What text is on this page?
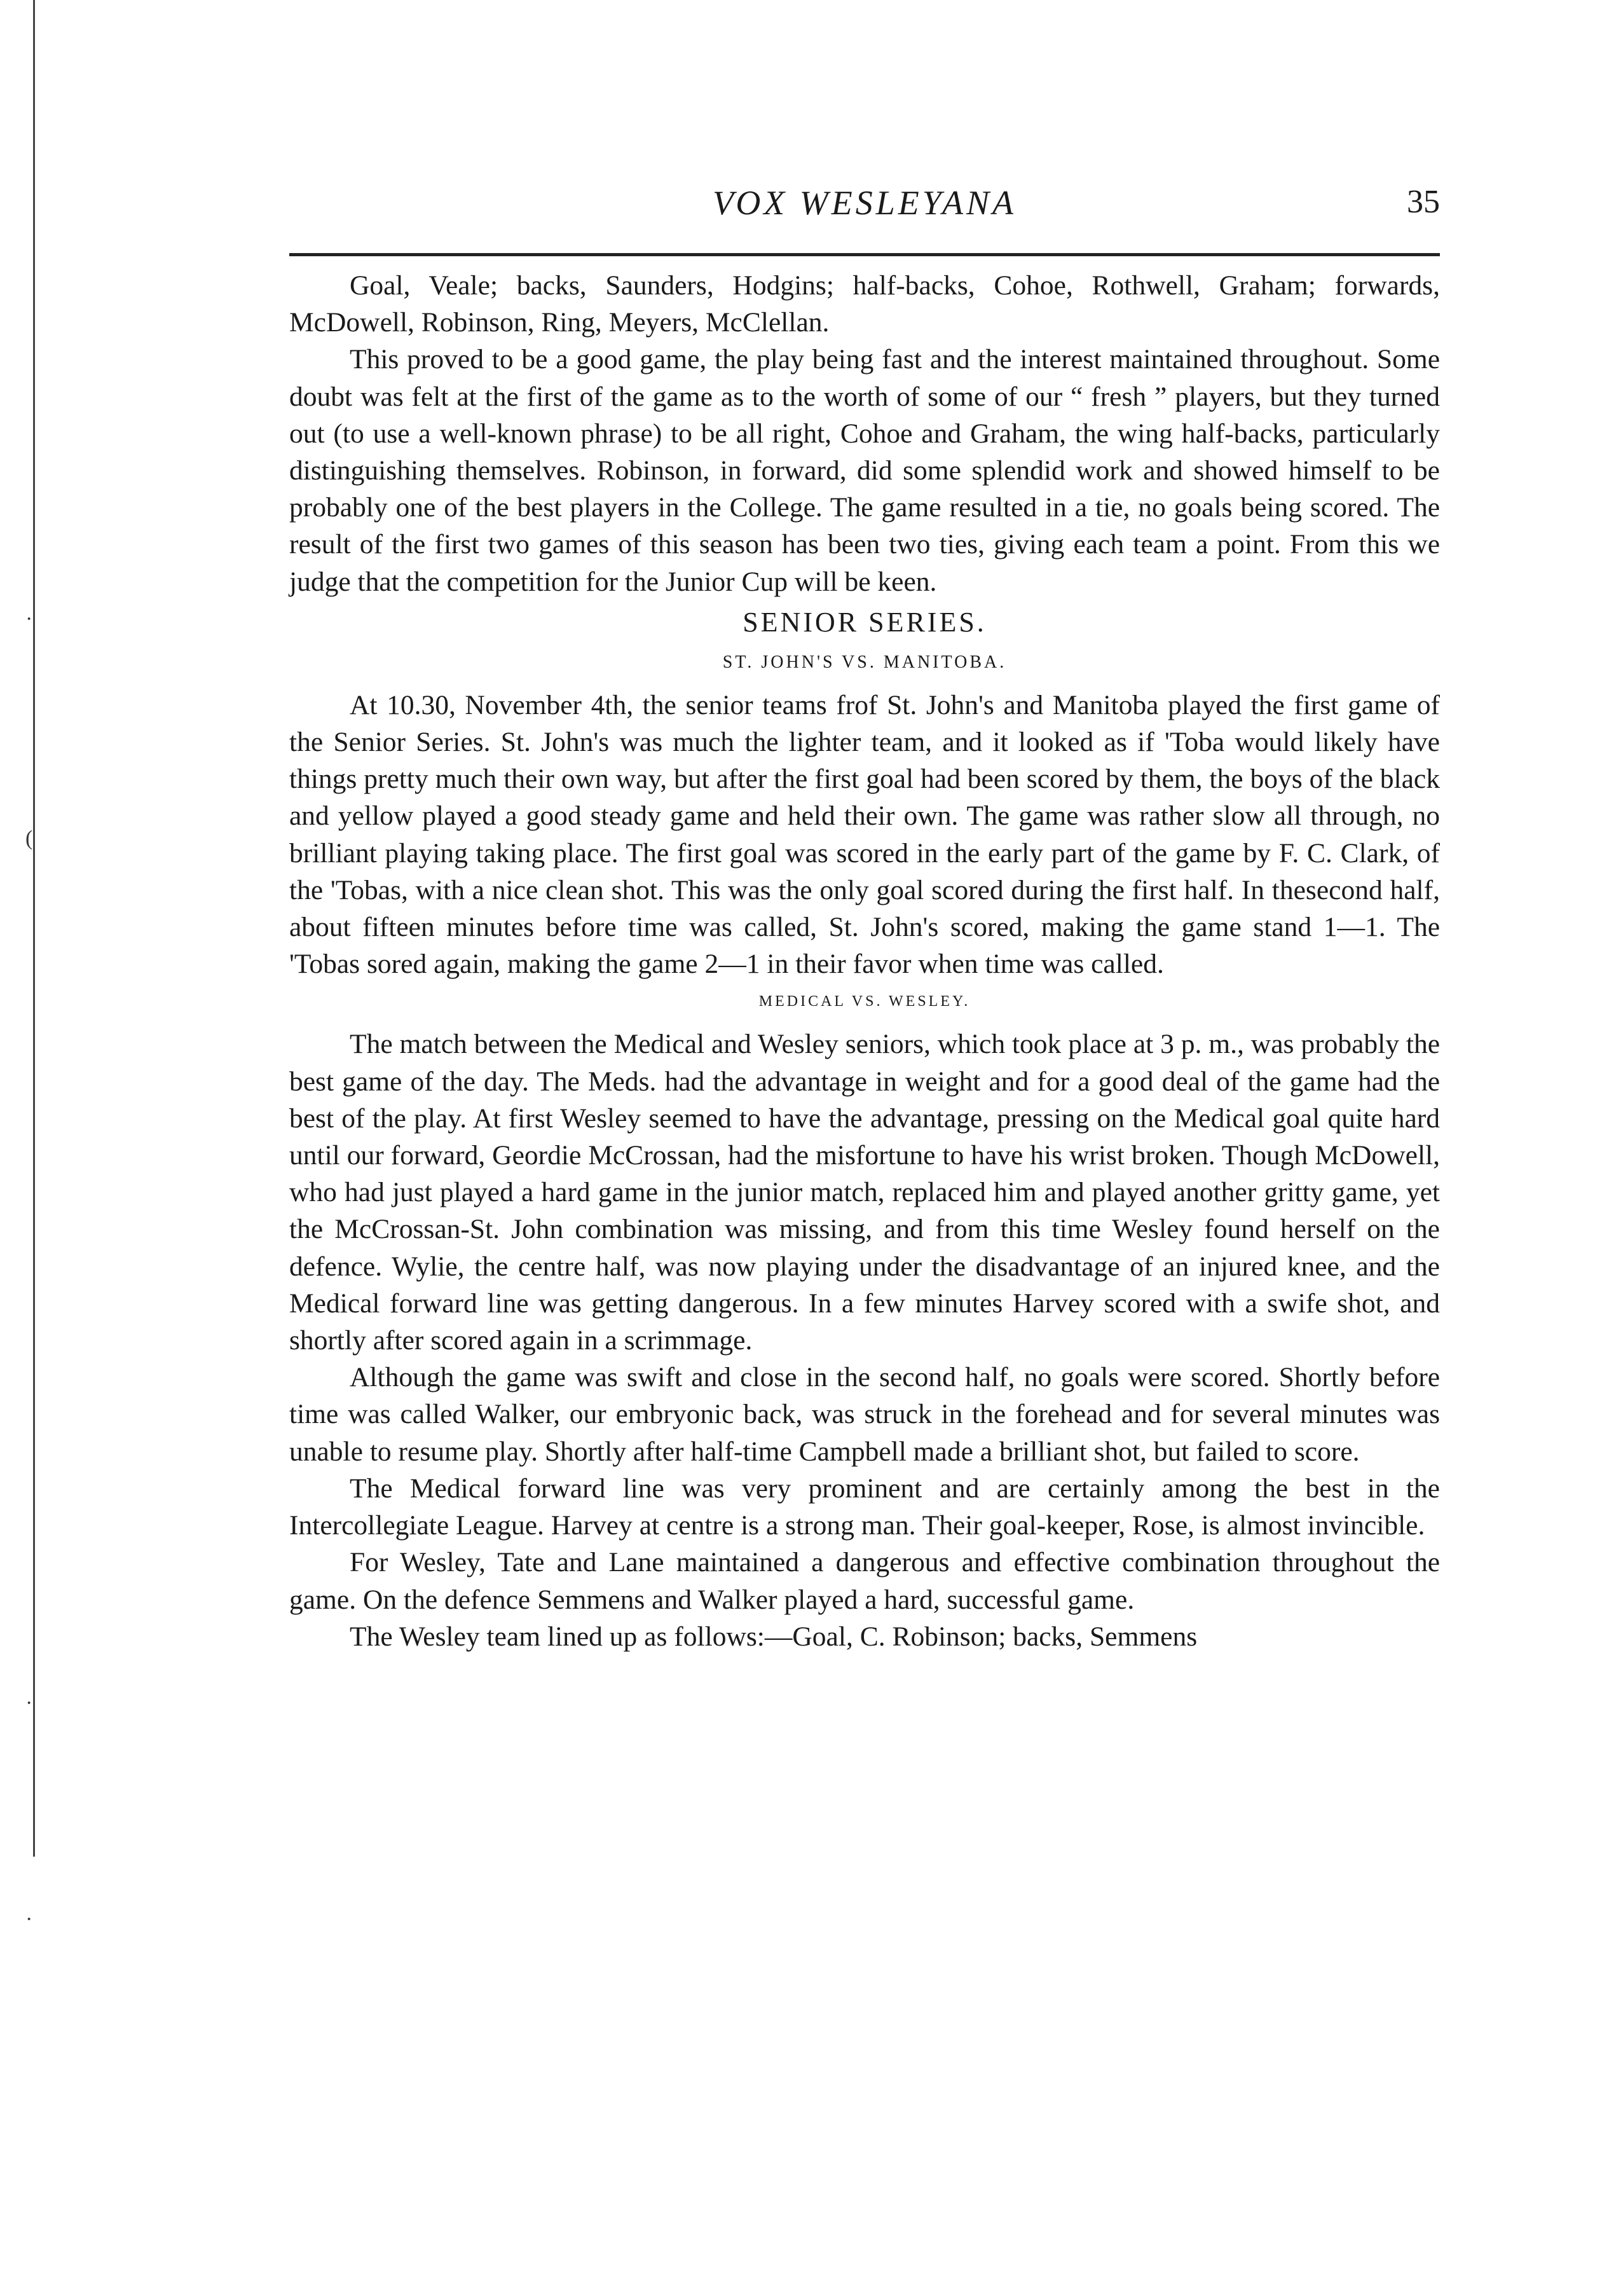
·
(
·
·
VOX WESLEYANA	35

Goal, Veale; backs, Saunders, Hodgins; half-backs, Cohoe, Rothwell, Graham; forwards, McDowell, Robinson, Ring, Meyers, McClellan.

This proved to be a good game, the play being fast and the interest maintained throughout. Some doubt was felt at the first of the game as to the worth of some of our “ fresh ” players, but they turned out (to use a well-known phrase) to be all right, Cohoe and Graham, the wing half-backs, particularly distinguishing themselves. Robinson, in forward, did some splendid work and showed himself to be probably one of the best players in the College. The game resulted in a tie, no goals being scored. The result of the first two games of this season has been two ties, giving each team a point. From this we judge that the competition for the Junior Cup will be keen.

SENIOR SERIES.
ST. JOHN'S VS. MANITOBA.

At 10.30, November 4th, the senior teams frof St. John's and Manitoba played the first game of the Senior Series. St. John's was much the lighter team, and it looked as if 'Toba would likely have things pretty much their own way, but after the first goal had been scored by them, the boys of the black and yellow played a good steady game and held their own. The game was rather slow all through, no brilliant playing taking place. The first goal was scored in the early part of the game by F. C. Clark, of the 'Tobas, with a nice clean shot. This was the only goal scored during the first half. In thesecond half, about fifteen minutes before time was called, St. John's scored, making the game stand 1—1. The 'Tobas sored again, making the game 2—1 in their favor when time was called.

MEDICAL VS. WESLEY.

The match between the Medical and Wesley seniors, which took place at 3 p. m., was probably the best game of the day. The Meds. had the advantage in weight and for a good deal of the game had the best of the play. At first Wesley seemed to have the advantage, pressing on the Medical goal quite hard until our forward, Geordie McCrossan, had the misfortune to have his wrist broken. Though McDowell, who had just played a hard game in the junior match, replaced him and played another gritty game, yet the McCrossan-St. John combination was missing, and from this time Wesley found herself on the defence. Wylie, the centre half, was now playing under the disadvantage of an injured knee, and the Medical forward line was getting dangerous. In a few minutes Harvey scored with a swife shot, and shortly after scored again in a scrimmage.

Although the game was swift and close in the second half, no goals were scored. Shortly before time was called Walker, our embryonic back, was struck in the forehead and for several minutes was unable to resume play. Shortly after half-time Campbell made a brilliant shot, but failed to score.

The Medical forward line was very prominent and are certainly among the best in the Intercollegiate League. Harvey at centre is a strong man. Their goal-keeper, Rose, is almost invincible.

For Wesley, Tate and Lane maintained a dangerous and effective combination throughout the game. On the defence Semmens and Walker played a hard, successful game.

The Wesley team lined up as follows:—Goal, C. Robinson; backs, Semmens
